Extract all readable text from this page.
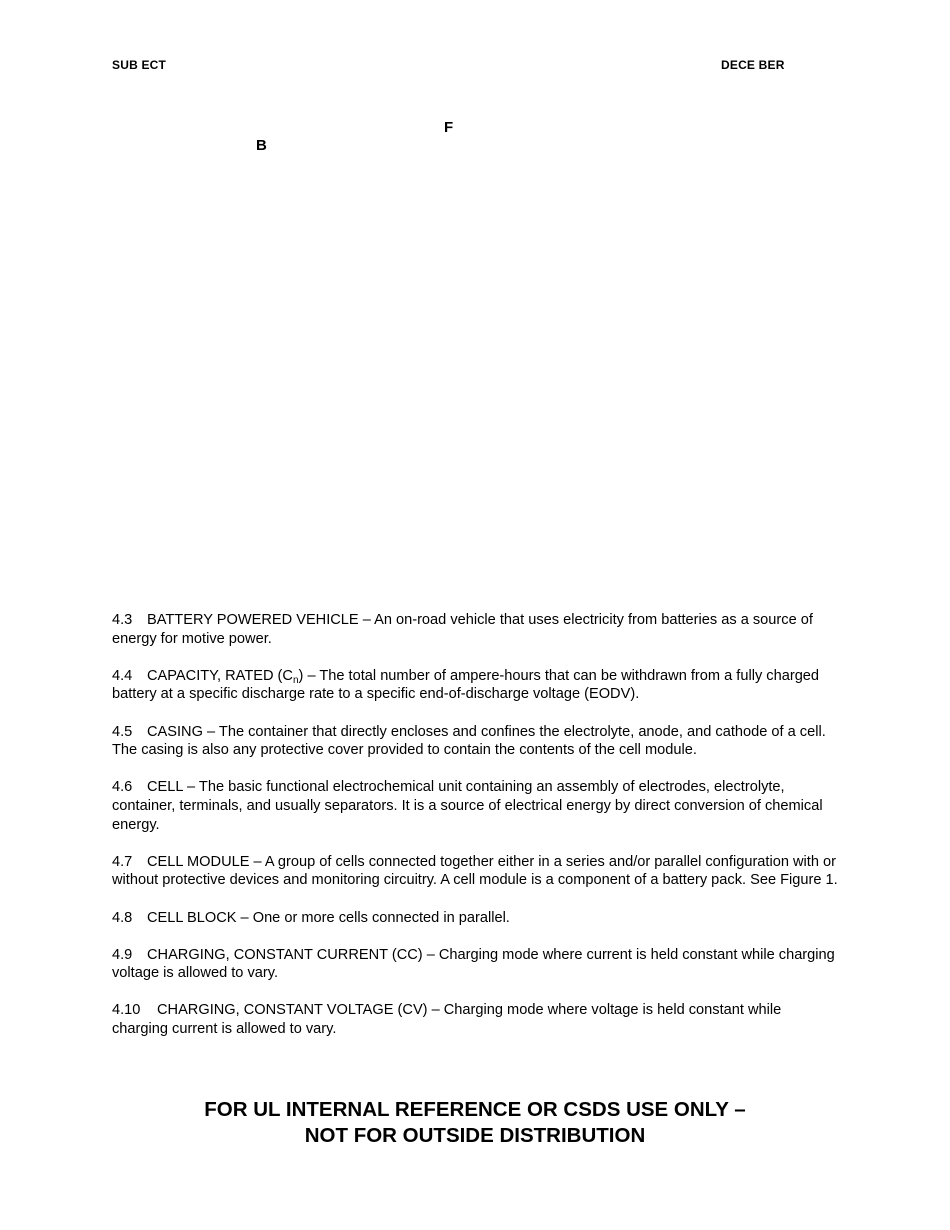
SUB ECT	DECE BER
F
B

4.3 BATTERY POWERED VEHICLE – An on-road vehicle that uses electricity from batteries as a source of energy for motive power.

4.4 CAPACITY, RATED $(C_n)$ – The total number of ampere-hours that can be withdrawn from a fully charged battery at a specific discharge rate to a specific end-of-discharge voltage (EODV).

4.5 CASING – The container that directly encloses and confines the electrolyte, anode, and cathode of a cell. The casing is also any protective cover provided to contain the contents of the cell module.

4.6 CELL – The basic functional electrochemical unit containing an assembly of electrodes, electrolyte, container, terminals, and usually separators. It is a source of electrical energy by direct conversion of chemical energy.

4.7 CELL MODULE – A group of cells connected together either in a series and/or parallel configuration with or without protective devices and monitoring circuitry. A cell module is a component of a battery pack. See Figure 1.

4.8 CELL BLOCK – One or more cells connected in parallel.

4.9 CHARGING, CONSTANT CURRENT (CC) – Charging mode where current is held constant while charging voltage is allowed to vary.

4.10 CHARGING, CONSTANT VOLTAGE (CV) – Charging mode where voltage is held constant while charging current is allowed to vary.

FOR UL INTERNAL REFERENCE OR CSDS USE ONLY –
NOT FOR OUTSIDE DISTRIBUTION
